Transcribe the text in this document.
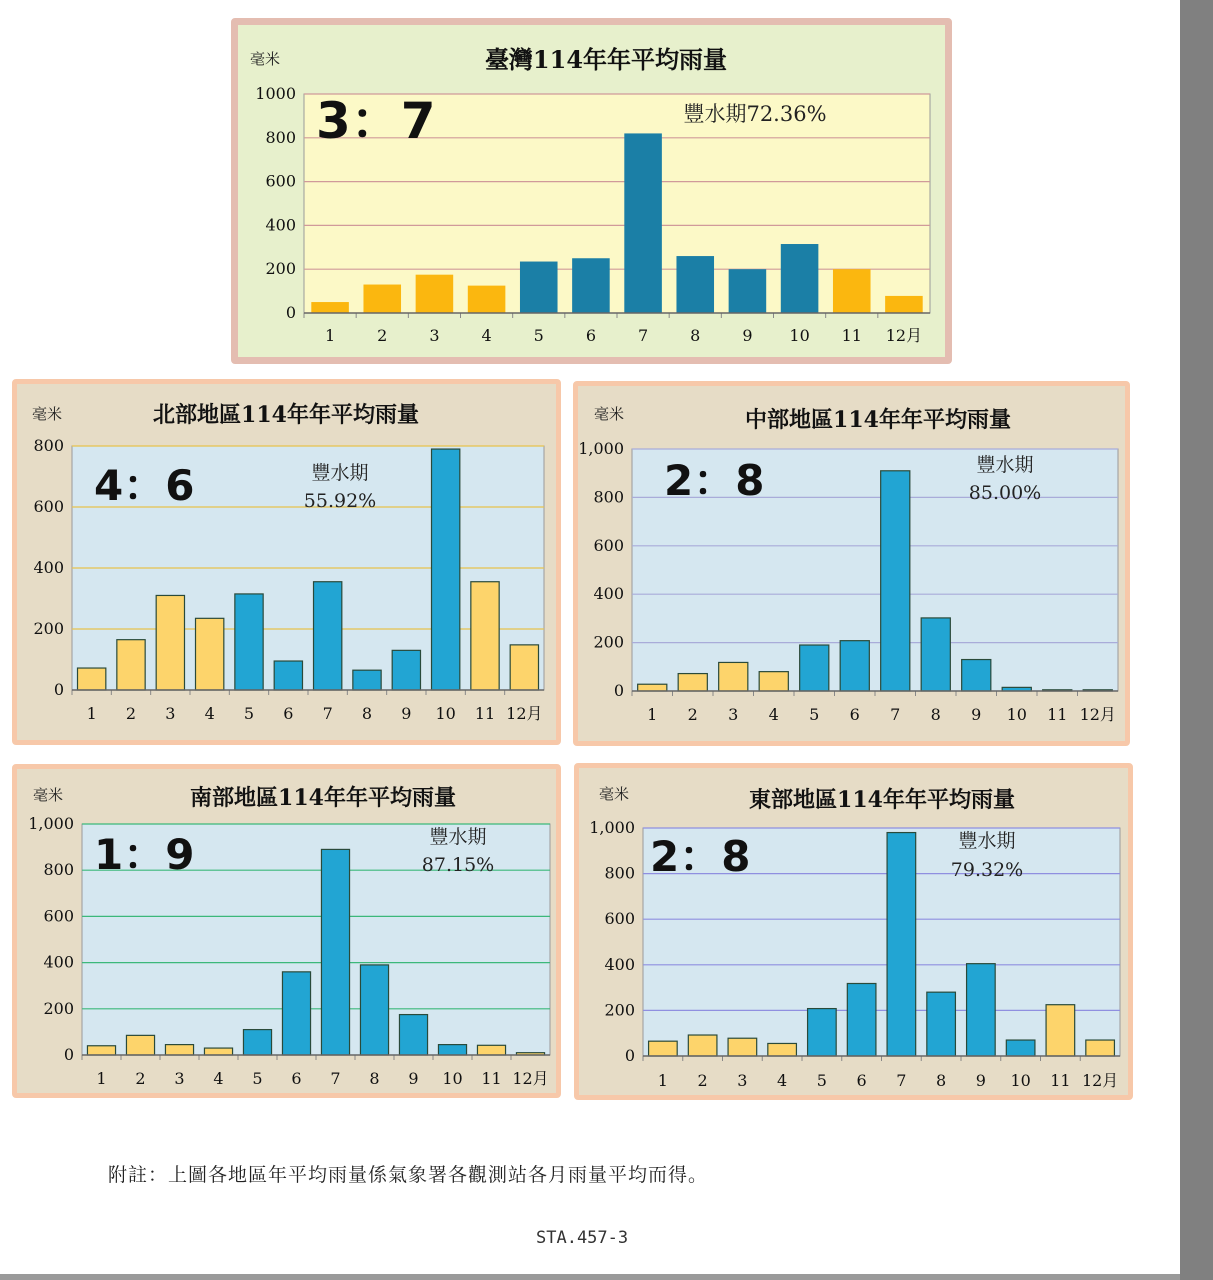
附註：上圖各地區年平均雨量係氣象署各觀測站各月雨量平均而得。
STA.457-3
0
200
400
600
800
1000
1	2	3	4	5	6	7	8	9 10 11 12月
臺灣114年年平均雨量
毫米
3：7	豐水期72.36%
0
200
400
600
800
1 2 3 4 5 6 7 8 9 10 11 12月
北部地區114年年平均雨量
毫米
4：6	豐水期
55.92%
0
200
400
600
800
1,000
1 2 3 4 5 6 7 8 9 10 11 12月
中部地區114年年平均雨量
毫米
2：8	豐水期
85.00%
0
200
400
600
800
1,000
1 2 3 4 5 6 7 8 9 10 11 12月
南部地區114年年平均雨量
毫米
1：9	豐水期
87.15%
0
200
400
600
800
1,000
1 2 3 4 5 6 7 8 9 10 11 12月
東部地區114年年平均雨量
毫米
2：8	豐水期
79.32%
